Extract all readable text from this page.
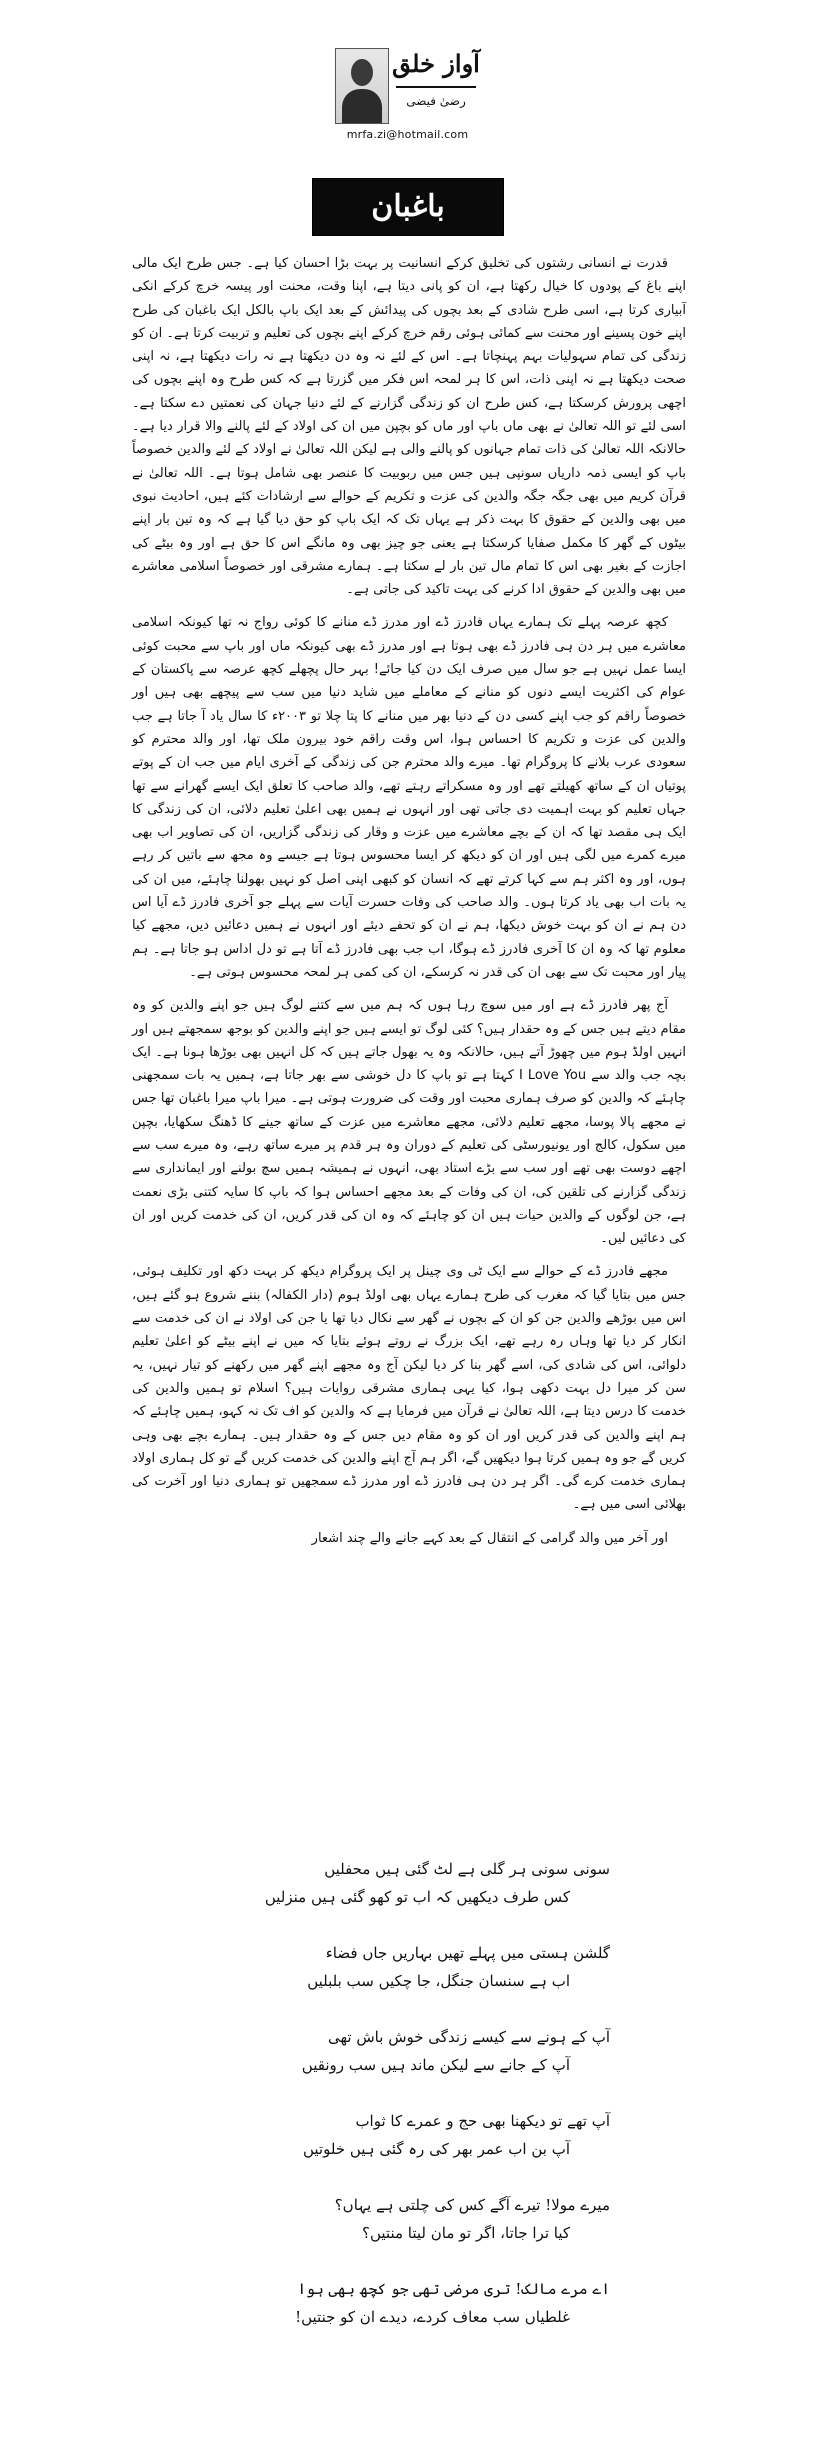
آواز خلق
رضیٰ فیضی
mrfa.zi@hotmail.com
باغبان

قدرت نے انسانی رشتوں کی تخلیق کرکے انسانیت پر بہت بڑا احسان کیا ہے۔ جس طرح ایک مالی اپنے باغ کے پودوں کا خیال رکھتا ہے، ان کو پانی دیتا ہے، اپنا وقت، محنت اور پیسہ خرچ کرکے انکی آبیاری کرتا ہے، اسی طرح شادی کے بعد بچوں کی پیدائش کے بعد ایک باپ بالکل ایک باغبان کی طرح اپنے خون پسینے اور محنت سے کمائی ہوئی رقم خرچ کرکے اپنے بچوں کی تعلیم و تربیت کرتا ہے۔ ان کو زندگی کی تمام سہولیات بہم پہنچاتا ہے۔ اس کے لئے نہ وہ دن دیکھتا ہے نہ رات دیکھتا ہے، نہ اپنی صحت دیکھتا ہے نہ اپنی ذات، اس کا ہر لمحہ اس فکر میں گزرتا ہے کہ کس طرح وہ اپنے بچوں کی اچھی پرورش کرسکتا ہے، کس طرح ان کو زندگی گزارنے کے لئے دنیا جہان کی نعمتیں دے سکتا ہے۔ اسی لئے تو اللہ تعالیٰ نے بھی ماں باپ اور ماں کو بچپن میں ان کی اولاد کے لئے پالنے والا قرار دیا ہے۔ حالانکہ اللہ تعالیٰ کی ذات تمام جہانوں کو پالنے والی ہے لیکن اللہ تعالیٰ نے اولاد کے لئے والدین خصوصاً باپ کو ایسی ذمہ داریاں سونپی ہیں جس میں ربوبیت کا عنصر بھی شامل ہوتا ہے۔ اللہ تعالیٰ نے قرآن کریم میں بھی جگہ جگہ والدین کی عزت و تکریم کے حوالے سے ارشادات کئے ہیں، احادیث نبوی میں بھی والدین کے حقوق کا بہت ذکر ہے یہاں تک کہ ایک باپ کو حق دیا گیا ہے کہ وہ تین بار اپنے بیٹوں کے گھر کا مکمل صفایا کرسکتا ہے یعنی جو چیز بھی وہ مانگے اس کا حق ہے اور وہ بیٹے کی اجازت کے بغیر بھی اس کا تمام مال تین بار لے سکتا ہے۔ ہمارے مشرقی اور خصوصاً اسلامی معاشرے میں بھی والدین کے حقوق ادا کرنے کی بہت تاکید کی جاتی ہے۔

کچھ عرصہ پہلے تک ہمارے یہاں فادرز ڈے اور مدرز ڈے منانے کا کوئی رواج نہ تھا کیونکہ اسلامی معاشرے میں ہر دن ہی فادرز ڈے بھی ہوتا ہے اور مدرز ڈے بھی کیونکہ ماں اور باپ سے محبت کوئی ایسا عمل نہیں ہے جو سال میں صرف ایک دن کیا جائے! بہر حال پچھلے کچھ عرصہ سے پاکستان کے عوام کی اکثریت ایسے دنوں کو منانے کے معاملے میں شاید دنیا میں سب سے پیچھے بھی ہیں اور خصوصاً راقم کو جب اپنے کسی دن کے دنیا بھر میں منانے کا پتا چلا تو ۲۰۰۳ء کا سال یاد آ جاتا ہے جب والدین کی عزت و تکریم کا احساس ہوا، اس وقت راقم خود بیرون ملک تھا، اور والد محترم کو سعودی عرب بلانے کا پروگرام تھا۔ میرے والد محترم جن کی زندگی کے آخری ایام میں جب ان کے پوتے پوتیاں ان کے ساتھ کھیلتے تھے اور وہ مسکراتے رہتے تھے، والد صاحب کا تعلق ایک ایسے گھرانے سے تھا جہاں تعلیم کو بہت اہمیت دی جاتی تھی اور انہوں نے ہمیں بھی اعلیٰ تعلیم دلائی، ان کی زندگی کا ایک ہی مقصد تھا کہ ان کے بچے معاشرے میں عزت و وقار کی زندگی گزاریں، ان کی تصاویر اب بھی میرے کمرے میں لگی ہیں اور ان کو دیکھ کر ایسا محسوس ہوتا ہے جیسے وہ مجھ سے باتیں کر رہے ہوں، اور وہ اکثر ہم سے کہا کرتے تھے کہ انسان کو کبھی اپنی اصل کو نہیں بھولنا چاہئے، میں ان کی یہ بات اب بھی یاد کرتا ہوں۔ والد صاحب کی وفات حسرت آیات سے پہلے جو آخری فادرز ڈے آیا اس دن ہم نے ان کو بہت خوش دیکھا، ہم نے ان کو تحفے دیئے اور انہوں نے ہمیں دعائیں دیں، مجھے کیا معلوم تھا کہ وہ ان کا آخری فادرز ڈے ہوگا، اب جب بھی فادرز ڈے آتا ہے تو دل اداس ہو جاتا ہے۔ ہم پیار اور محبت تک سے بھی ان کی قدر نہ کرسکے، ان کی کمی ہر لمحہ محسوس ہوتی ہے۔

آج پھر فادرز ڈے ہے اور میں سوچ رہا ہوں کہ ہم میں سے کتنے لوگ ہیں جو اپنے والدین کو وہ مقام دیتے ہیں جس کے وہ حقدار ہیں؟ کئی لوگ تو ایسے ہیں جو اپنے والدین کو بوجھ سمجھتے ہیں اور انہیں اولڈ ہوم میں چھوڑ آتے ہیں، حالانکہ وہ یہ بھول جاتے ہیں کہ کل انہیں بھی بوڑھا ہونا ہے۔ ایک بچہ جب والد سے I Love You کہتا ہے تو باپ کا دل خوشی سے بھر جاتا ہے، ہمیں یہ بات سمجھنی چاہئے کہ والدین کو صرف ہماری محبت اور وقت کی ضرورت ہوتی ہے۔ میرا باپ میرا باغبان تھا جس نے مجھے پالا پوسا، مجھے تعلیم دلائی، مجھے معاشرے میں عزت کے ساتھ جینے کا ڈھنگ سکھایا، بچپن میں سکول، کالج اور یونیورسٹی کی تعلیم کے دوران وہ ہر قدم پر میرے ساتھ رہے، وہ میرے سب سے اچھے دوست بھی تھے اور سب سے بڑے استاد بھی، انہوں نے ہمیشہ ہمیں سچ بولنے اور ایمانداری سے زندگی گزارنے کی تلقین کی، ان کی وفات کے بعد مجھے احساس ہوا کہ باپ کا سایہ کتنی بڑی نعمت ہے، جن لوگوں کے والدین حیات ہیں ان کو چاہئے کہ وہ ان کی قدر کریں، ان کی خدمت کریں اور ان کی دعائیں لیں۔

مجھے فادرز ڈے کے حوالے سے ایک ٹی وی چینل پر ایک پروگرام دیکھ کر بہت دکھ اور تکلیف ہوئی، جس میں بتایا گیا کہ مغرب کی طرح ہمارے یہاں بھی اولڈ ہوم (دار الکفالہ) بننے شروع ہو گئے ہیں، اس میں بوڑھے والدین جن کو ان کے بچوں نے گھر سے نکال دیا تھا یا جن کی اولاد نے ان کی خدمت سے انکار کر دیا تھا وہاں رہ رہے تھے، ایک بزرگ نے روتے ہوئے بتایا کہ میں نے اپنے بیٹے کو اعلیٰ تعلیم دلوائی، اس کی شادی کی، اسے گھر بنا کر دیا لیکن آج وہ مجھے اپنے گھر میں رکھنے کو تیار نہیں، یہ سن کر میرا دل بہت دکھی ہوا، کیا یہی ہماری مشرقی روایات ہیں؟ اسلام تو ہمیں والدین کی خدمت کا درس دیتا ہے، اللہ تعالیٰ نے قرآن میں فرمایا ہے کہ والدین کو اف تک نہ کہو، ہمیں چاہئے کہ ہم اپنے والدین کی قدر کریں اور ان کو وہ مقام دیں جس کے وہ حقدار ہیں۔ ہمارے بچے بھی وہی کریں گے جو وہ ہمیں کرتا ہوا دیکھیں گے، اگر ہم آج اپنے والدین کی خدمت کریں گے تو کل ہماری اولاد ہماری خدمت کرے گی۔ اگر ہر دن ہی فادرز ڈے اور مدرز ڈے سمجھیں تو ہماری دنیا اور آخرت کی بھلائی اسی میں ہے۔

اور آخر میں والد گرامی کے انتقال کے بعد کہے جانے والے چند اشعار

سونی سونی ہر گلی ہے لٹ گئی ہیں محفلیں
کس طرف دیکھیں کہ اب تو کھو گئی ہیں منزلیں
گلشن ہستی میں پہلے تھیں بہاریں جاں فضاء
اب ہے سنسان جنگل، جا چکیں سب بلبلیں
آپ کے ہونے سے کیسے زندگی خوش باش تھی
آپ کے جانے سے لیکن ماند ہیں سب رونقیں
آپ تھے تو دیکھنا بھی حج و عمرے کا ثواب
آپ بن اب عمر بھر کی رہ گئی ہیں خلوتیں
میرے مولا! تیرے آگے کس کی چلتی ہے یہاں؟
کیا ترا جاتا، اگر تو مان لیتا منتیں؟
اے مرے مالک! تری مرضی تھی جو کچھ بھی ہوا
غلطیاں سب معاف کردے، دیدے ان کو جنتیں!
